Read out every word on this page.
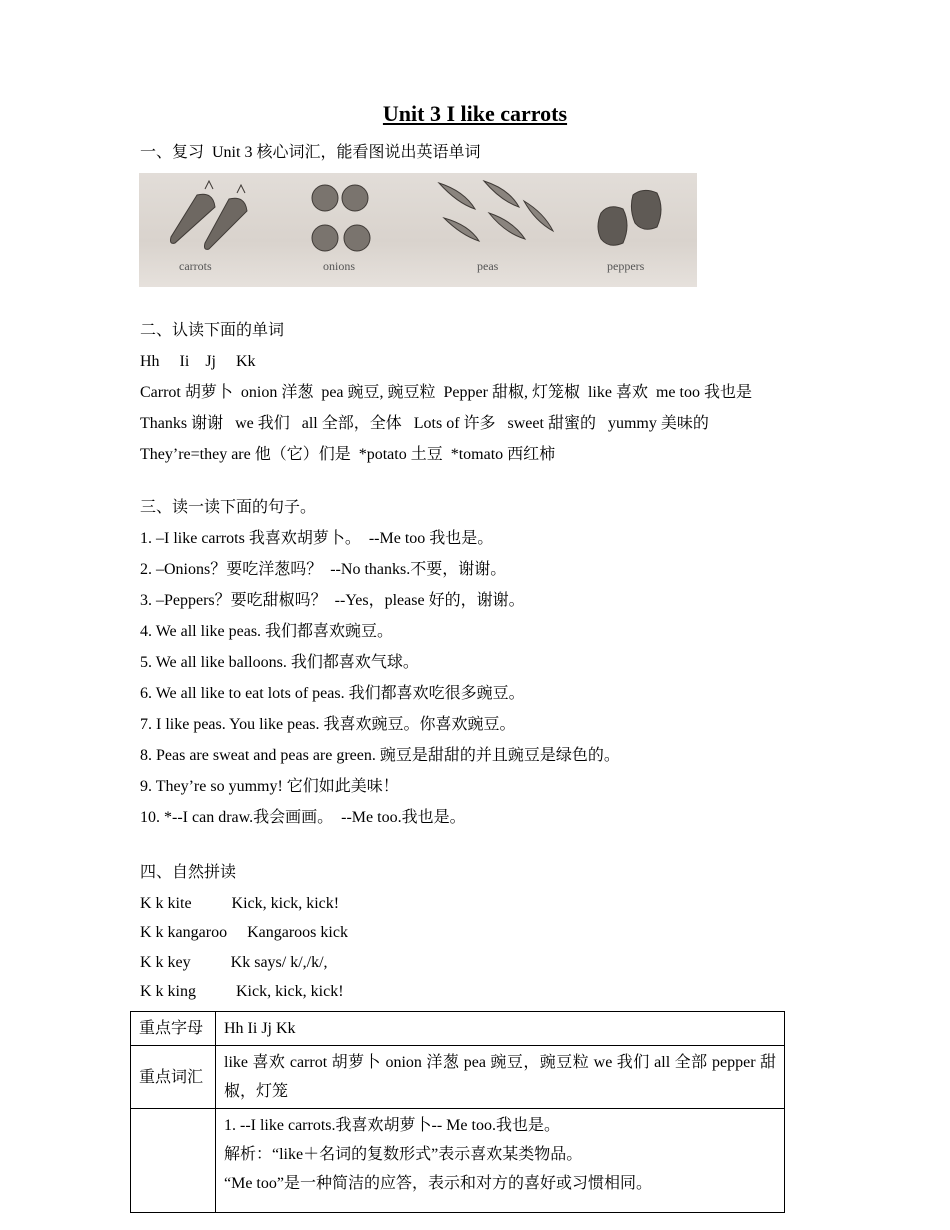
Unit 3 I like carrots
一、复习  Unit 3 核心词汇，能看图说出英语单词
carrots	onions	peas	peppers
二、认读下面的单词
Hh     Ii    Jj     Kk
Carrot 胡萝卜  onion 洋葱  pea 豌豆, 豌豆粒  Pepper 甜椒, 灯笼椒  like 喜欢  me too 我也是
Thanks 谢谢   we 我们   all 全部，全体   Lots of 许多   sweet 甜蜜的   yummy 美味的
They’re=they are 他（它）们是  *potato 土豆  *tomato 西红柿
三、读一读下面的句子。
1. –I like carrots 我喜欢胡萝卜。  --Me too 我也是。
2. –Onions？要吃洋葱吗？  --No thanks.不要，谢谢。
3. –Peppers？要吃甜椒吗？  --Yes，please 好的，谢谢。
4. We all like peas. 我们都喜欢豌豆。
5. We all like balloons. 我们都喜欢气球。
6. We all like to eat lots of peas. 我们都喜欢吃很多豌豆。
7. I like peas. You like peas. 我喜欢豌豆。你喜欢豌豆。
8. Peas are sweat and peas are green. 豌豆是甜甜的并且豌豆是绿色的。
9. They’re so yummy! 它们如此美味！
10. *--I can draw.我会画画。  --Me too.我也是。
四、自然拼读
K k kite          Kick, kick, kick!
K k kangaroo     Kangaroos kick
K k key          Kk says/ k/,/k/,
K k king          Kick, kick, kick!
重点字母	Hh Ii Jj Kk
重点词汇	like 喜欢 carrot 胡萝卜 onion 洋葱 pea 豌豆，豌豆粒 we 我们 all 全部 pepper 甜椒，灯笼

	1. --I like carrots.我喜欢胡萝卜-- Me too.我也是。
解析：“like＋名词的复数形式”表示喜欢某类物品。
“Me too”是一种简洁的应答，表示和对方的喜好或习惯相同。
